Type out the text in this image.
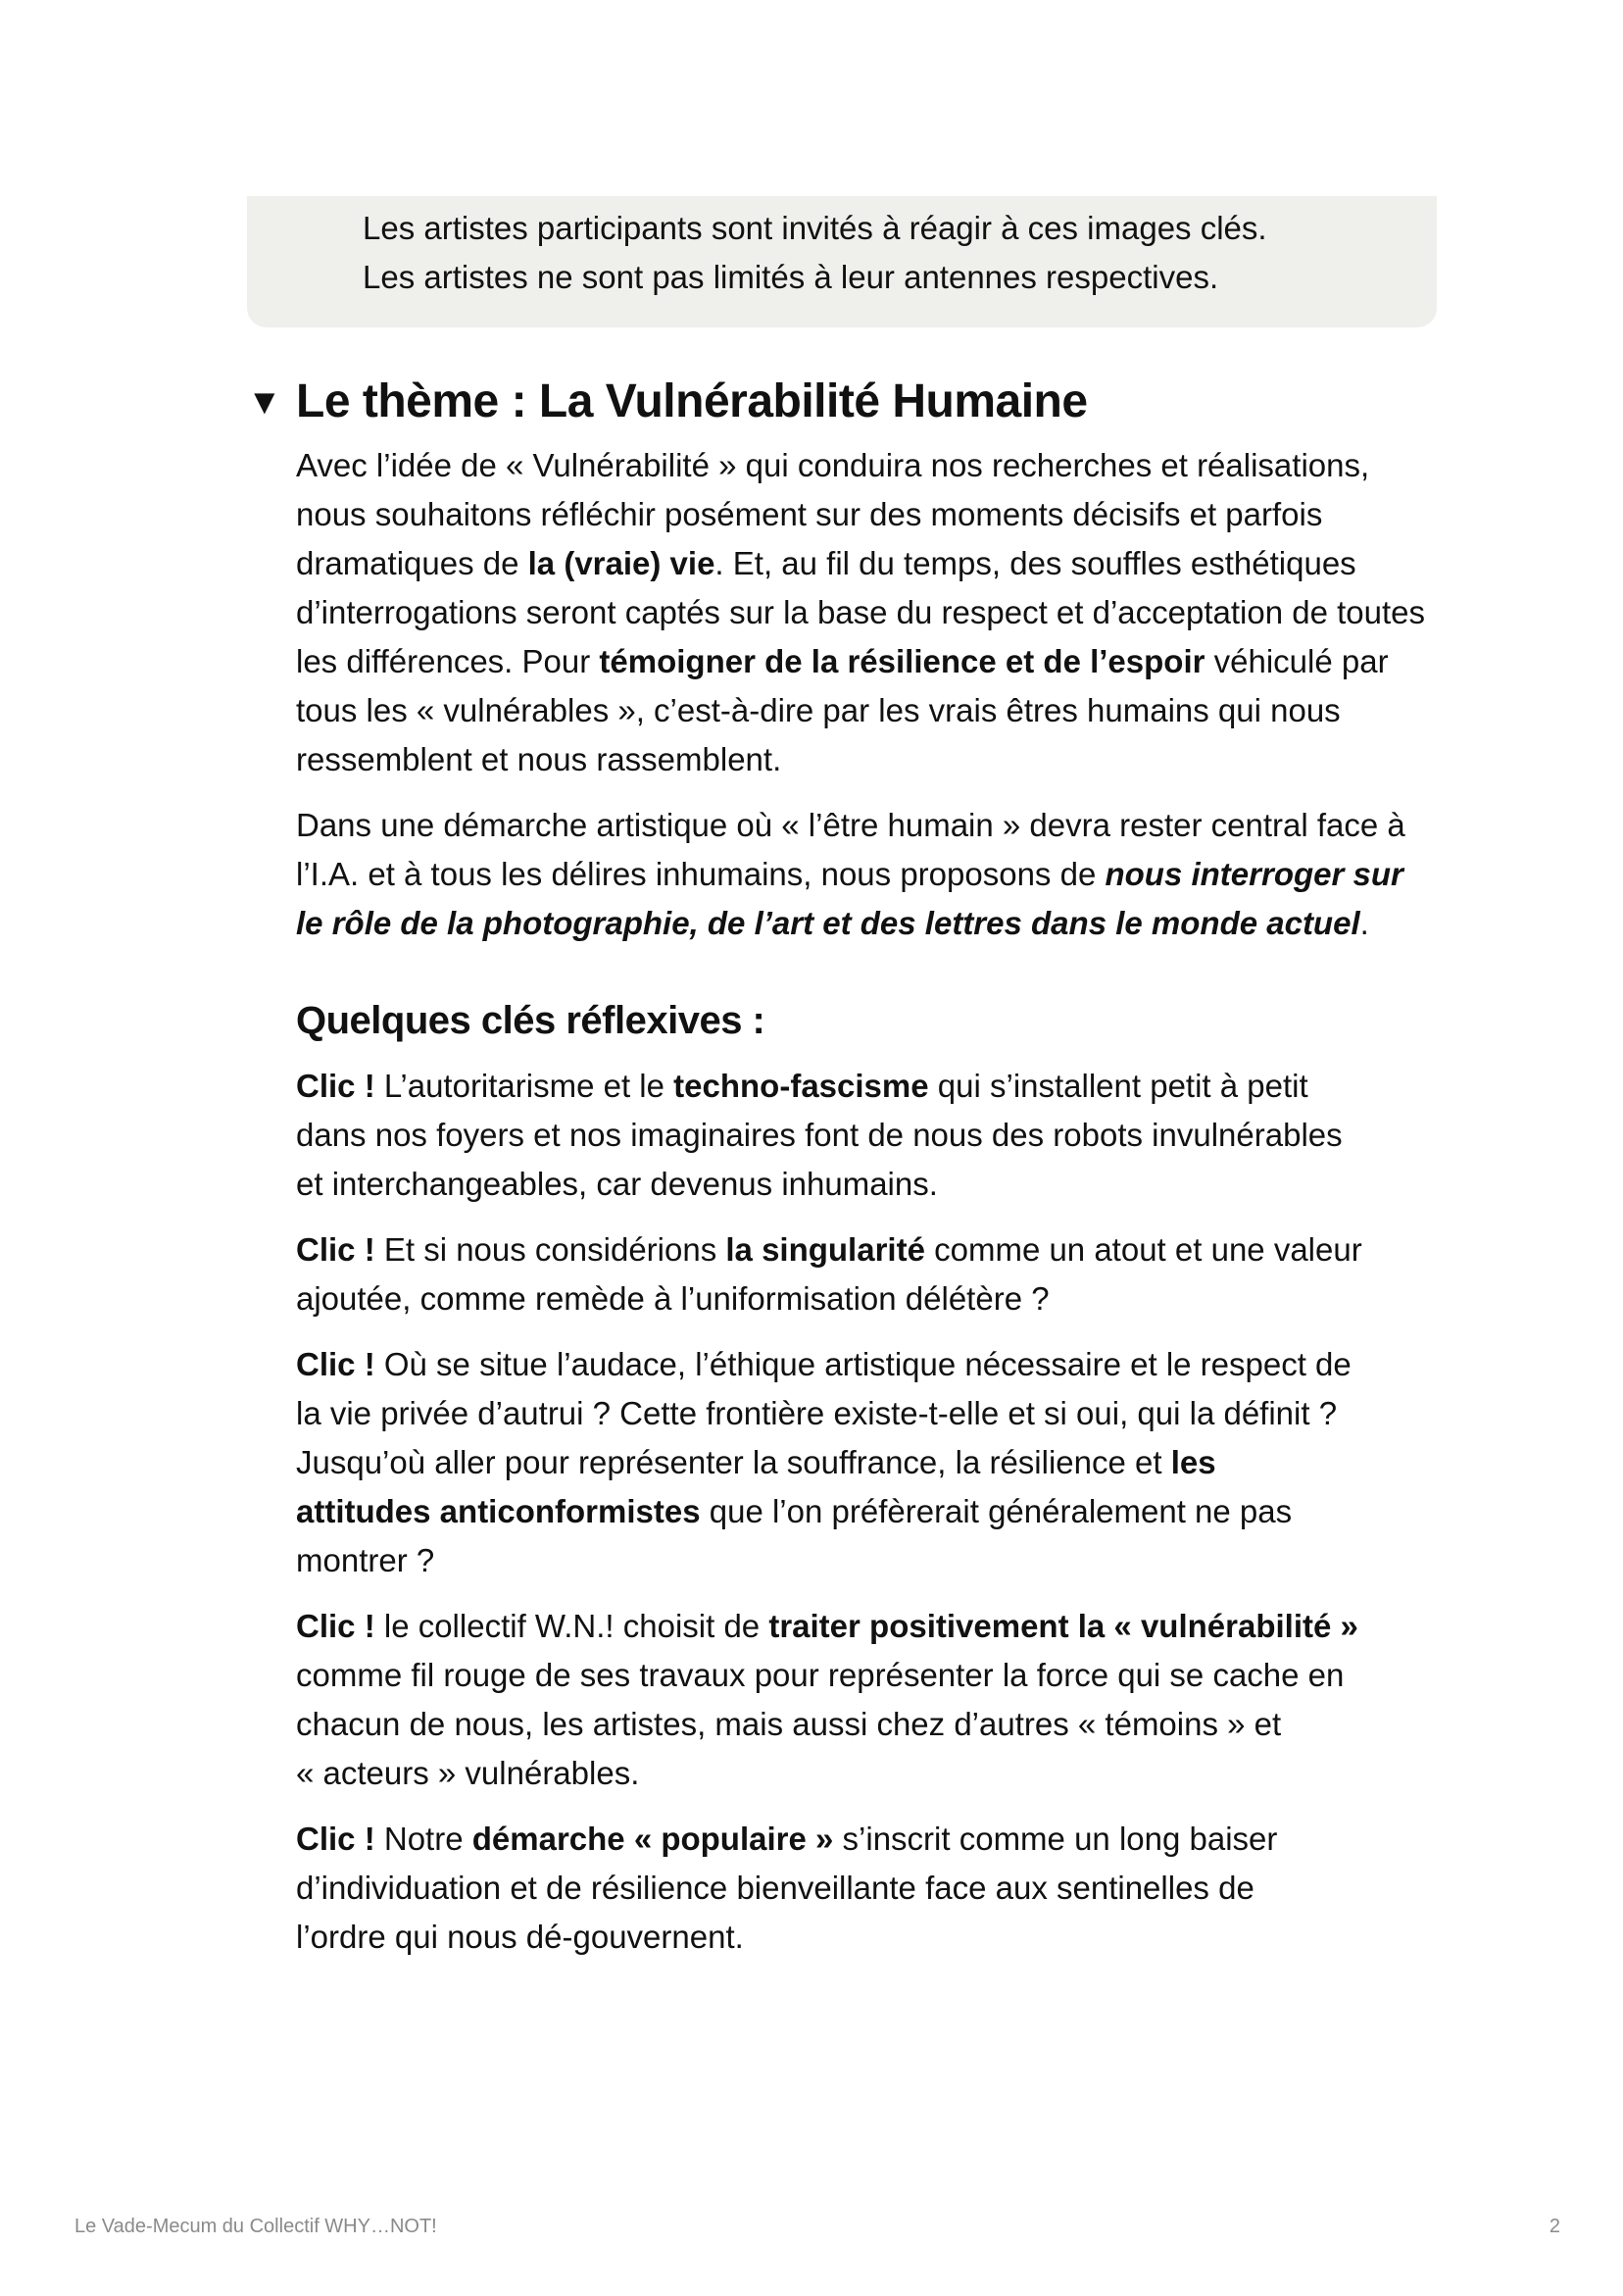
Les artistes participants sont invités à réagir à ces images clés.

Les artistes ne sont pas limités à leur antennes respectives.

▼ Le thème : La Vulnérabilité Humaine

Avec l’idée de « Vulnérabilité » qui conduira nos recherches et réalisations, nous souhaitons réfléchir posément sur des moments décisifs et parfois dramatiques de la (vraie) vie. Et, au fil du temps, des souffles esthétiques d’interrogations seront captés sur la base du respect et d’acceptation de toutes les différences. Pour témoigner de la résilience et de l’espoir véhiculé par tous les « vulnérables », c’est-à-dire par les vrais êtres humains qui nous ressemblent et nous rassemblent.

Dans une démarche artistique où « l’être humain » devra rester central face à l’I.A. et à tous les délires inhumains, nous proposons de nous interroger sur le rôle de la photographie, de l’art et des lettres dans le monde actuel.

Quelques clés réflexives :

Clic ! L’autoritarisme et le techno-fascisme qui s’installent petit à petit
dans nos foyers et nos imaginaires font de nous des robots invulnérables
et interchangeables, car devenus inhumains.

Clic ! Et si nous considérions la singularité comme un atout et une valeur
ajoutée, comme remède à l’uniformisation délétère ?

Clic ! Où se situe l’audace, l’éthique artistique nécessaire et le respect de
la vie privée d’autrui ? Cette frontière existe-t-elle et si oui, qui la définit ?
Jusqu’où aller pour représenter la souffrance, la résilience et les
attitudes anticonformistes que l’on préfèrerait généralement ne pas
montrer ?

Clic ! le collectif W.N.! choisit de traiter positivement la « vulnérabilité »
comme fil rouge de ses travaux pour représenter la force qui se cache en
chacun de nous, les artistes, mais aussi chez d’autres « témoins » et
« acteurs » vulnérables.

Clic ! Notre démarche « populaire » s’inscrit comme un long baiser
d’individuation et de résilience bienveillante face aux sentinelles de
l’ordre qui nous dé-gouvernent.

Le Vade-Mecum du Collectif WHY…NOT!	2
